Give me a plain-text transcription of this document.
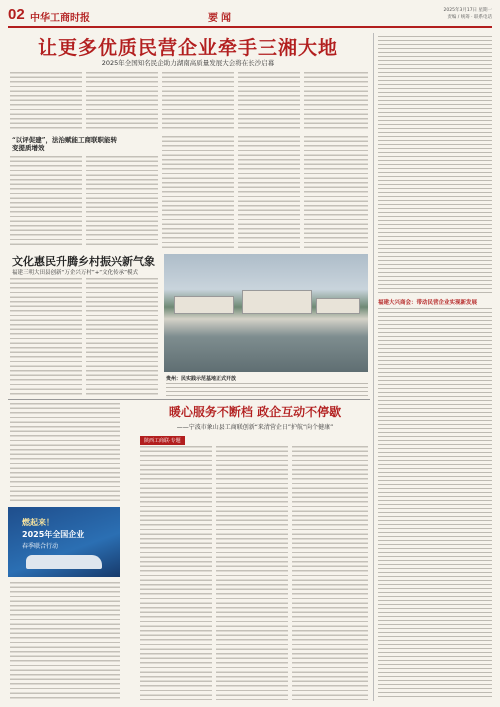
02 中华工商时报	要闻
2025年3月17日 星期一
责编 / 统筹 · 联系电话
让更多优质民营企业牵手三湘大地
2025年全国知名民企助力湖南高质量发展大会将在长沙启幕
“以评促建”，法治赋能工商联职能转变提质增效
文化惠民升腾乡村振兴新气象
福建三明大田县创新“万企兴万村”+“文化传承”模式
贵州：民实践示范基地正式开放
燃起来！
2025年全国企业
春季联合行动
暖心服务不断档 政企互动不停歇
——宁波市象山县工商联创新“来清营企日”护航“向个健康”
陕西工商联·专题
福建大兴商会：带动民营企业实现新发展
